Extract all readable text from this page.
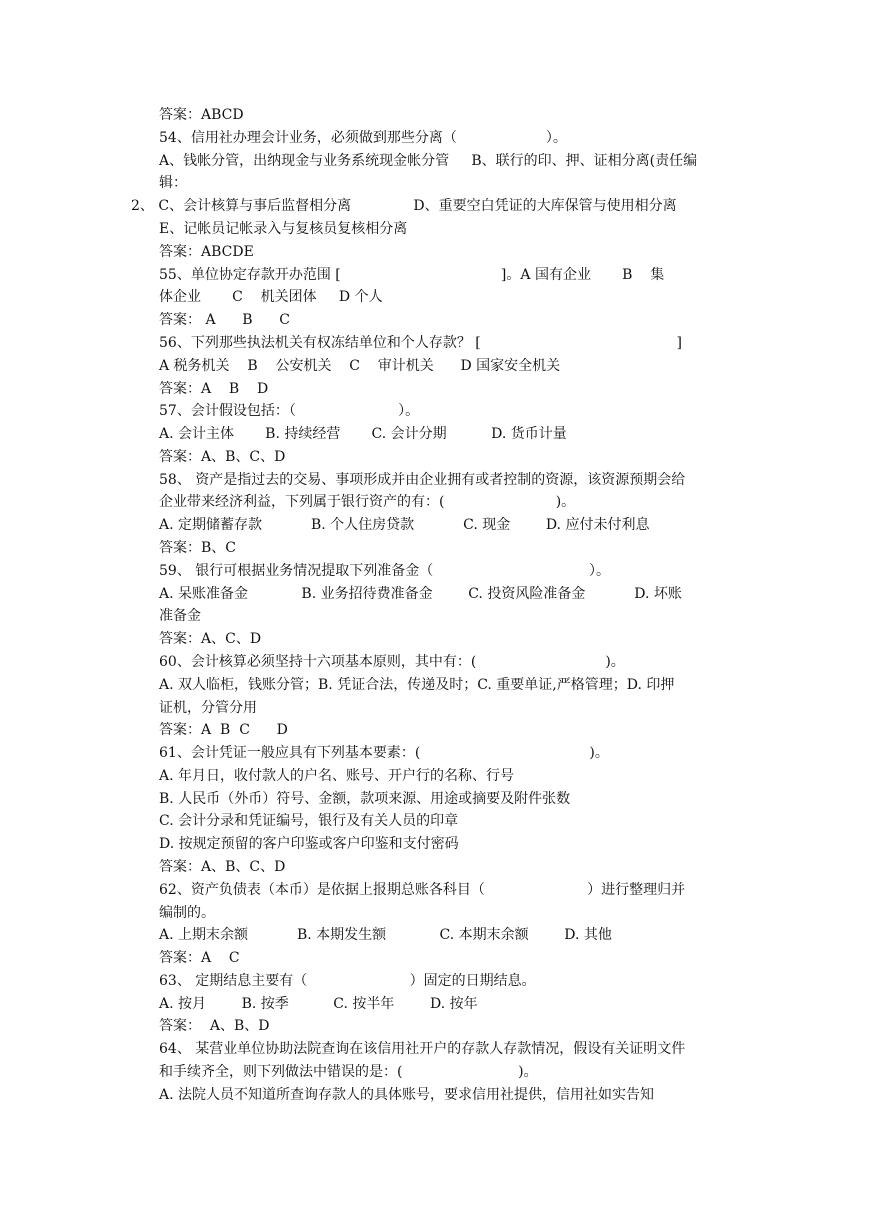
答案：ABCD
54、信用社办理会计业务，必须做到那些分离（                    ）。
A、钱帐分管，出纳现金与业务系统现金帐分管     B、联行的印、押、证相分离(责任编
辑：
2、 C、会计核算与事后监督相分离              D、重要空白凭证的大库保管与使用相分离
E、记帐员记帐录入与复核员复核相分离
答案：ABCDE
55、单位协定存款开办范围 [                                    ]。A 国有企业       B    集
体企业       C    机关团体     D 个人
答案： A      B      C
56、下列那些执法机关有权冻结单位和个人存款？ [                                            ]
A 税务机关    B    公安机关    C    审计机关      D 国家安全机关
答案：A    B    D
57、会计假设包括：（                       ）。
A. 会计主体       B. 持续经营       C. 会计分期          D. 货币计量
答案：A、B、C、D
58、 资产是指过去的交易、事项形成并由企业拥有或者控制的资源，该资源预期会给
企业带来经济利益，下列属于银行资产的有：(                         )。
A. 定期储蓄存款           B. 个人住房贷款           C. 现金        D. 应付未付利息
答案：B、C
59、 银行可根据业务情况提取下列准备金（                                   ）。
A. 呆账准备金            B. 业务招待费准备金        C. 投资风险准备金           D. 坏账
准备金
答案：A、C、D
60、会计核算必须坚持十六项基本原则，其中有：(                             )。
A. 双人临柜，钱账分管；B. 凭证合法，传递及时；C. 重要单证,严格管理；D. 印押
证机，分管分用
答案：A  B  C      D
61、会计凭证一般应具有下列基本要素：(                                      )。
A. 年月日，收付款人的户名、账号、开户行的名称、行号
B. 人民币（外币）符号、金额，款项来源、用途或摘要及附件张数
C. 会计分录和凭证编号，银行及有关人员的印章
D. 按规定预留的客户印鉴或客户印鉴和支付密码
答案：A、B、C、D
62、资产负债表（本币）是依据上报期总账各科目（                       ）进行整理归并
编制的。
A. 上期末余额           B. 本期发生额            C. 本期末余额        D. 其他
答案：A    C
63、 定期结息主要有（                       ）固定的日期结息。
A. 按月        B. 按季          C. 按半年        D. 按年
答案：  A、B、D
64、 某营业单位协助法院查询在该信用社开户的存款人存款情况，假设有关证明文件
和手续齐全，则下列做法中错误的是：(                          )。
A. 法院人员不知道所查询存款人的具体账号，要求信用社提供，信用社如实告知
